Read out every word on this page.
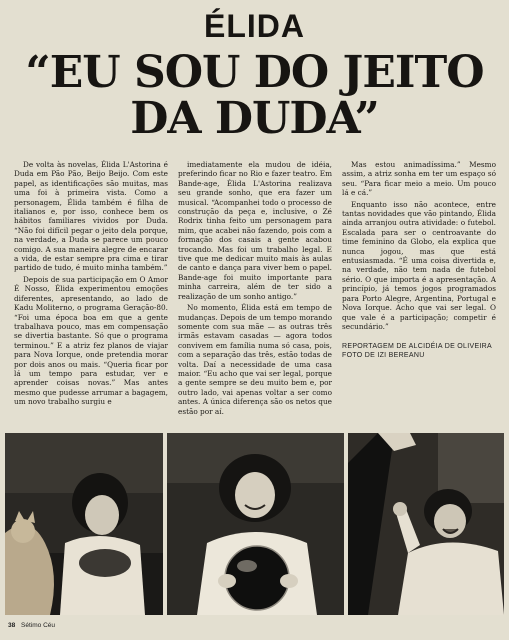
ÉLIDA
“EU SOU DO JEITO
DA DUDA”

De volta às novelas, Élida L'Astorina é Duda em Pão Pão, Beijo Beijo. Com este papel, as identificações são muitas, mas uma foi à primeira vista. Como a personagem, Élida também é filha de italianos e, por isso, conhece bem os hábitos familiares vividos por Duda. “Não foi difícil pegar o jeito dela porque, na verdade, a Duda se parece um pouco comigo. A sua maneira alegre de encarar a vida, de estar sempre pra cima e tirar partido de tudo, é muito minha também.”

Depois de sua participação em O Amor É Nosso, Élida experimentou emoções diferentes, apresentando, ao lado de Kadu Moliterno, o programa Geração-80. “Foi uma época boa em que a gente trabalhava pouco, mas em compensação se divertia bastante. Só que o programa terminou.” E a atriz fez planos de viajar para Nova Iorque, onde pretendia morar por dois anos ou mais. “Queria ficar por lá um tempo para estudar, ver e aprender coisas novas.” Mas antes mesmo que pudesse arrumar a bagagem, um novo trabalho surgiu e

imediatamente ela mudou de idéia, preferindo ficar no Rio e fazer teatro. Em Bande-age, Élida L'Astorina realizava seu grande sonho, que era fazer um musical. “Acompanhei todo o processo de construção da peça e, inclusive, o Zé Rodrix tinha feito um personagem para mim, que acabei não fazendo, pois com a formação dos casais a gente acabou trocando. Mas foi um trabalho legal. E tive que me dedicar muito mais às aulas de canto e dança para viver bem o papel. Bande-age foi muito importante para minha carreira, além de ter sido a realização de um sonho antigo.”

No momento, Élida está em tempo de mudanças. Depois de um tempo morando somente com sua mãe — as outras três irmãs estavam casadas — agora todos convivem em família numa só casa, pois, com a separação das três, estão todas de volta. Daí a necessidade de uma casa maior. “Eu acho que vai ser legal, porque a gente sempre se deu muito bem e, por outro lado, vai apenas voltar a ser como antes. A única diferença são os netos que estão por aí.

Mas estou animadíssima.” Mesmo assim, a atriz sonha em ter um espaço só seu. “Para ficar meio a meio. Um pouco lá e cá.”

Enquanto isso não acontece, entre tantas novidades que vão pintando, Élida ainda arranjou outra atividade: o futebol. Escalada para ser o centroavante do time feminino da Globo, ela explica que nunca jogou, mas que está entusiasmada. “É uma coisa divertida e, na verdade, não tem nada de futebol sério. O que importa é a apresentação. A princípio, já temos jogos programados para Porto Alegre, Argentina, Portugal e Nova Iorque. Acho que vai ser legal. O que vale é a participação; competir é secundário.”

REPORTAGEM DE ALCIDÉIA DE OLIVEIRA
FOTO DE IZI BEREANU
38 Sétimo Céu
